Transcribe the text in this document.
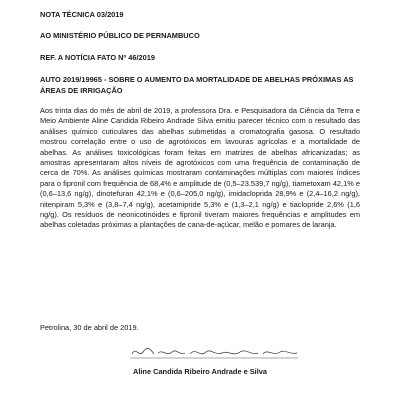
NOTA TÉCNICA 03/2019

AO MINISTÉRIO PÚBLICO DE PERNAMBUCO

REF. A NOTÍCIA FATO Nº 46/2019

AUTO 2019/19965 - SOBRE O AUMENTO DA MORTALIDADE DE ABELHAS PRÓXIMAS AS

ÁREAS DE IRRIGAÇÃO

Aos trinta dias do mês de abril de 2019, a professora Dra. e Pesquisadora da Ciência da Terra e Meio Ambiente Aline Candida Ribeiro Andrade Silva emitiu parecer técnico com o resultado das análises químico cuticulares das abelhas submetidas a cromatografia gasosa. O resultado mostrou correlação entre o uso de agrotóxicos em lavouras agrícolas e a mortalidade de abelhas. As análises toxicológicas foram feitas em matrizes de abelhas africanizadas; as amostras apresentaram altos níveis de agrotóxicos com uma frequência de contaminação de cerca de 70%. As análises químicas mostraram contaminações múltiplas com maiores índices para o fipronil com frequência de 68,4% e amplitude de (0,5–23.539,7 ng/g), tiametoxam 42,1% e (0,6–13,6 ng/g), dinotefuran 42,1% e (0,6–205,0 ng/g), imidacloprida 28,9% e (2,4–16,2 ng/g), nitenpiram 5,3% e (3,8–7,4 ng/g), acetamipride 5,3% e (1,3–2,1 ng/g) e tiaclopride 2,6% (1,6 ng/g). Os resíduos de neonicotinóides e fipronil tiveram maiores frequências e amplitudes em abelhas coletadas próximas a plantações de cana-de-açúcar, melão e pomares de laranja.

Petrolina, 30 de abril de 2019.

Aline Candida Ribeiro Andrade e Silva
